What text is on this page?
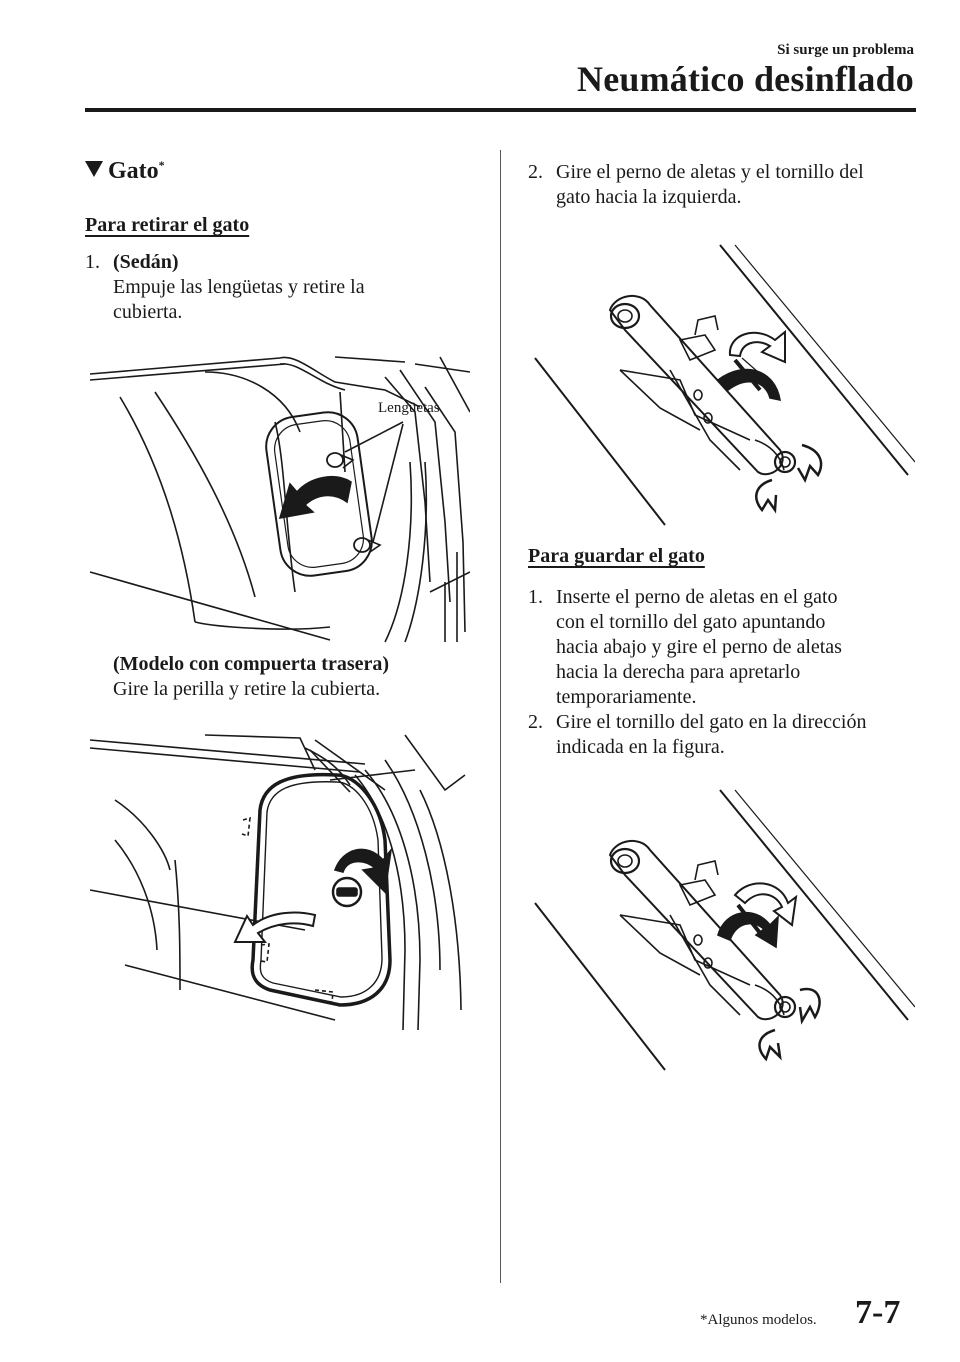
Si surge un problema
Neumático desinflado
Gato*
Para retirar el gato
1. (Sedán)
Empuje las lengüetas y retire la
cubierta.
Lengüetas
(Modelo con compuerta trasera)
Gire la perilla y retire la cubierta.
2. Gire el perno de aletas y el tornillo del
gato hacia la izquierda.
Para guardar el gato
1. Inserte el perno de aletas en el gato
con el tornillo del gato apuntando
hacia abajo y gire el perno de aletas
hacia la derecha para apretarlo
temporariamente.
2. Gire el tornillo del gato en la dirección
indicada en la figura.
*Algunos modelos. 7-7
